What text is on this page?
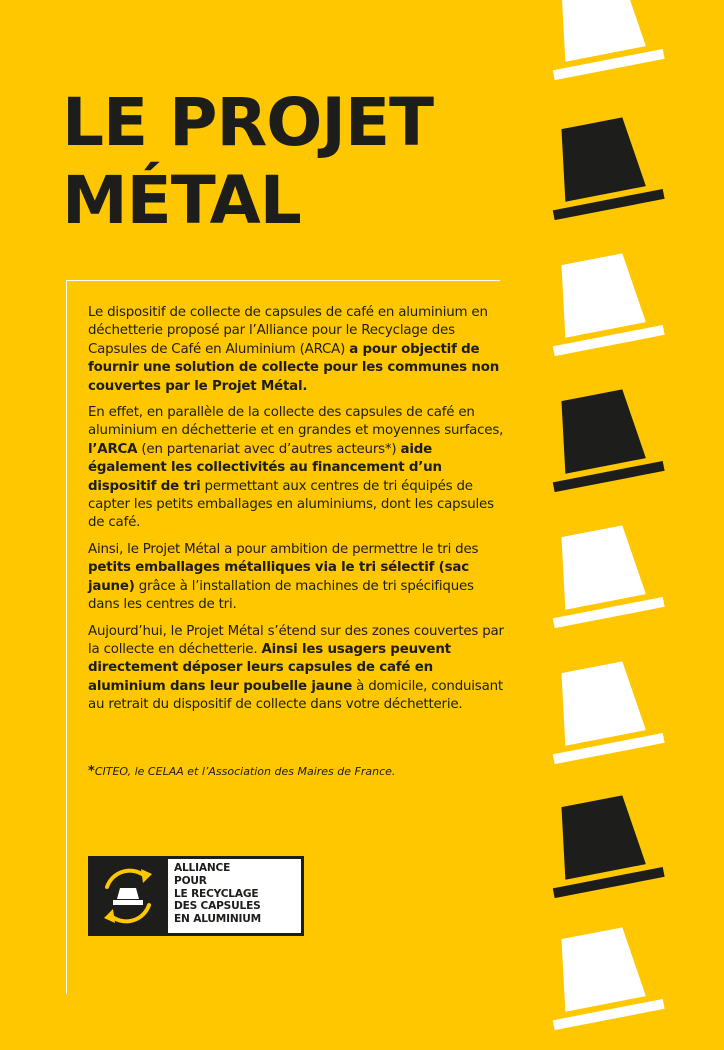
LE PROJET
MÉTAL

Le dispositif de collecte de capsules de café en aluminium en déchetterie proposé par l’Alliance pour le Recyclage des Capsules de Café en Aluminium (ARCA) a pour objectif de fournir une solution de collecte pour les communes non couvertes par le Projet Métal.

En effet, en parallèle de la collecte des capsules de café en aluminium en déchetterie et en grandes et moyennes surfaces, l’ARCA (en partenariat avec d’autres acteurs*) aide également les collectivités au financement d’un dispositif de tri permettant aux centres de tri équipés de capter les petits emballages en aluminiums, dont les capsules de café.

Ainsi, le Projet Métal a pour ambition de permettre le tri des petits emballages métalliques via le tri sélectif (sac jaune) grâce à l’installation de machines de tri spécifiques dans les centres de tri.

Aujourd’hui, le Projet Métal s’étend sur des zones couvertes par la collecte en déchetterie. Ainsi les usagers peuvent directement déposer leurs capsules de café en aluminium dans leur poubelle jaune à domicile, conduisant au retrait du dispositif de collecte dans votre déchetterie.

*CITEO, le CELAA et l’Association des Maires de France.
ALLIANCE
POUR
LE RECYCLAGE
DES CAPSULES
EN ALUMINIUM
